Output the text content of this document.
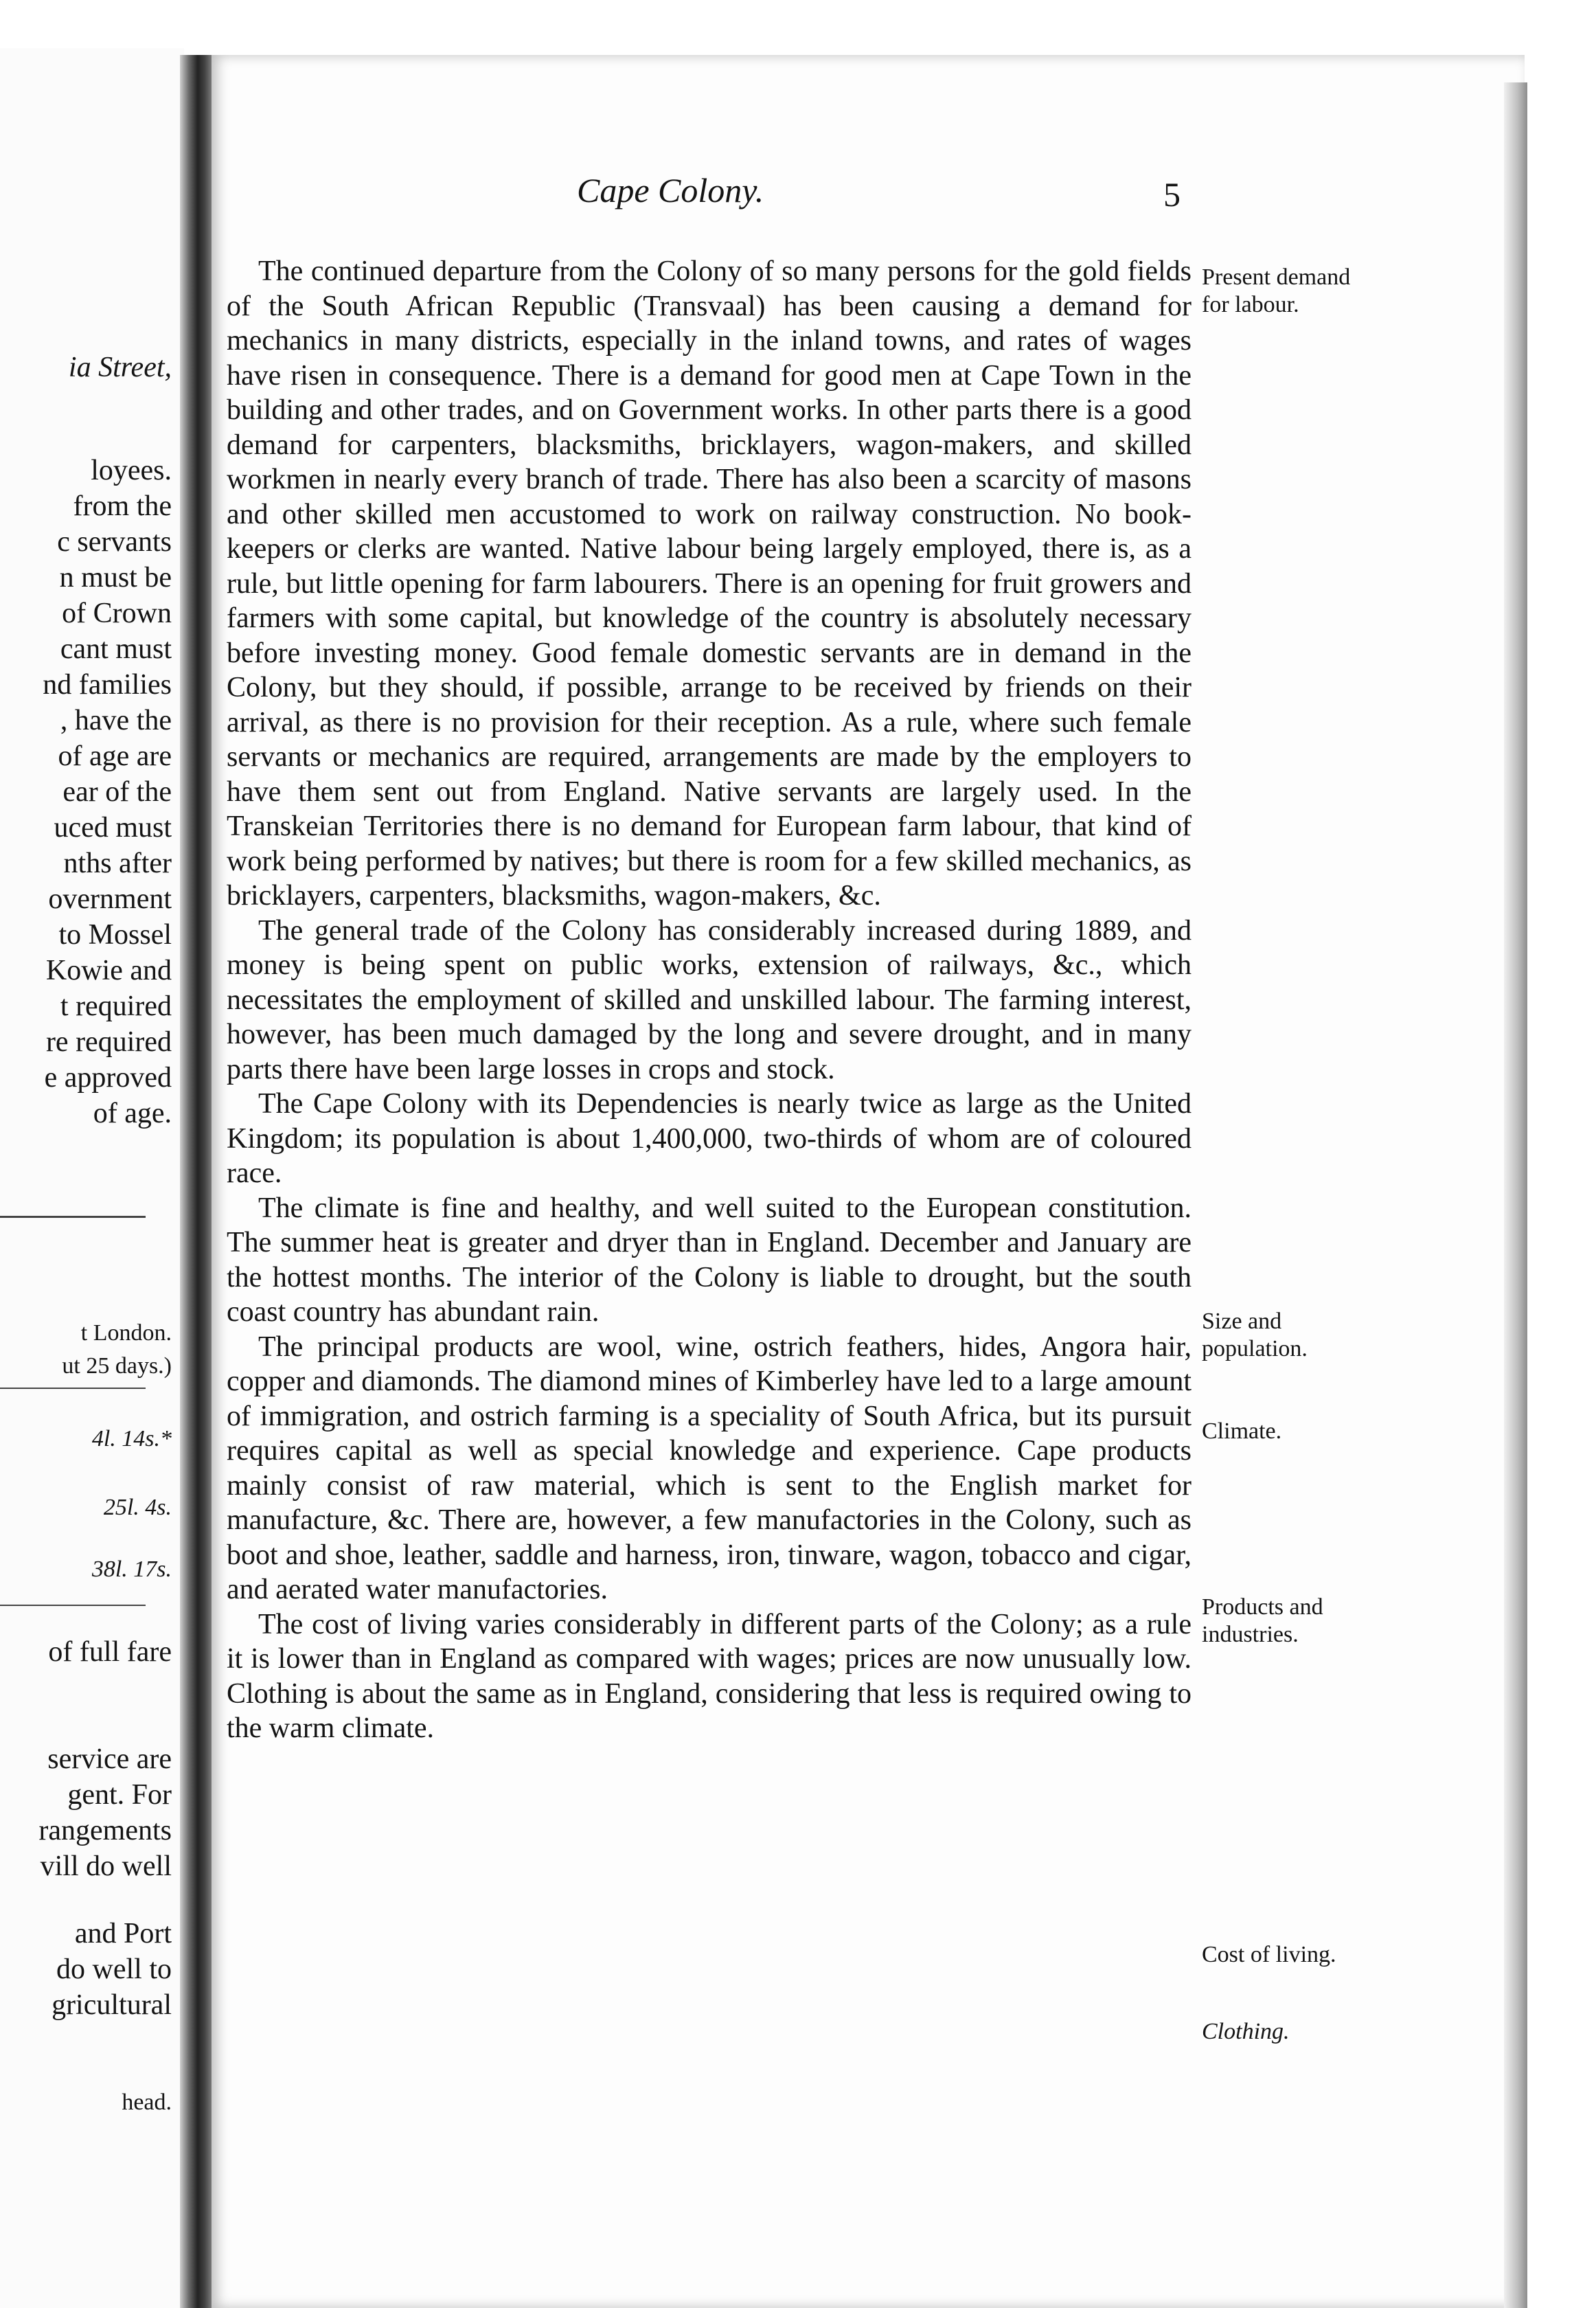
ia Street,
loyees.
from the
c servants
n must be
of Crown
cant must
nd families
, have the
of age are
ear of the
uced must
nths after
overnment
to Mossel
Kowie and
t required
re required
e approved
of age.
t London.
ut 25 days.)
4l. 14s.*
25l. 4s.
38l. 17s.
of full fare
service are
gent. For
rangements
vill do well
and Port
do well to
gricultural
head.
Cape Colony.	5

The continued departure from the Colony of so many persons for the gold fields of the South African Republic (Transvaal) has been causing a demand for mechanics in many districts, especially in the inland towns, and rates of wages have risen in consequence. There is a demand for good men at Cape Town in the building and other trades, and on Government works. In other parts there is a good demand for carpenters, blacksmiths, bricklayers, wagon-makers, and skilled workmen in nearly every branch of trade. There has also been a scarcity of masons and other skilled men accustomed to work on railway construction. No book-keepers or clerks are wanted. Native labour being largely employed, there is, as a rule, but little opening for farm labourers. There is an opening for fruit growers and farmers with some capital, but knowledge of the country is absolutely necessary before investing money. Good female domestic servants are in demand in the Colony, but they should, if possible, arrange to be received by friends on their arrival, as there is no provision for their reception. As a rule, where such female servants or mechanics are required, arrangements are made by the employers to have them sent out from England. Native servants are largely used. In the Transkeian Territories there is no demand for European farm labour, that kind of work being performed by natives; but there is room for a few skilled mechanics, as bricklayers, carpenters, blacksmiths, wagon-makers, &c.

The general trade of the Colony has considerably increased during 1889, and money is being spent on public works, extension of railways, &c., which necessitates the employment of skilled and unskilled labour. The farming interest, however, has been much damaged by the long and severe drought, and in many parts there have been large losses in crops and stock.

The Cape Colony with its Dependencies is nearly twice as large as the United Kingdom; its population is about 1,400,000, two-thirds of whom are of coloured race.

The climate is fine and healthy, and well suited to the European constitution. The summer heat is greater and dryer than in England. December and January are the hottest months. The interior of the Colony is liable to drought, but the south coast country has abundant rain.

The principal products are wool, wine, ostrich feathers, hides, Angora hair, copper and diamonds. The diamond mines of Kimberley have led to a large amount of immigration, and ostrich farming is a speciality of South Africa, but its pursuit requires capital as well as special knowledge and experience. Cape products mainly consist of raw material, which is sent to the English market for manufacture, &c. There are, however, a few manufactories in the Colony, such as boot and shoe, leather, saddle and harness, iron, tinware, wagon, tobacco and cigar, and aerated water manufactories.

The cost of living varies considerably in different parts of the Colony; as a rule it is lower than in England as compared with wages; prices are now unusually low. Clothing is about the same as in England, considering that less is required owing to the warm climate.

Present demand for labour.
Size and population.
Climate.
Products and industries.
Cost of living.
Clothing.
